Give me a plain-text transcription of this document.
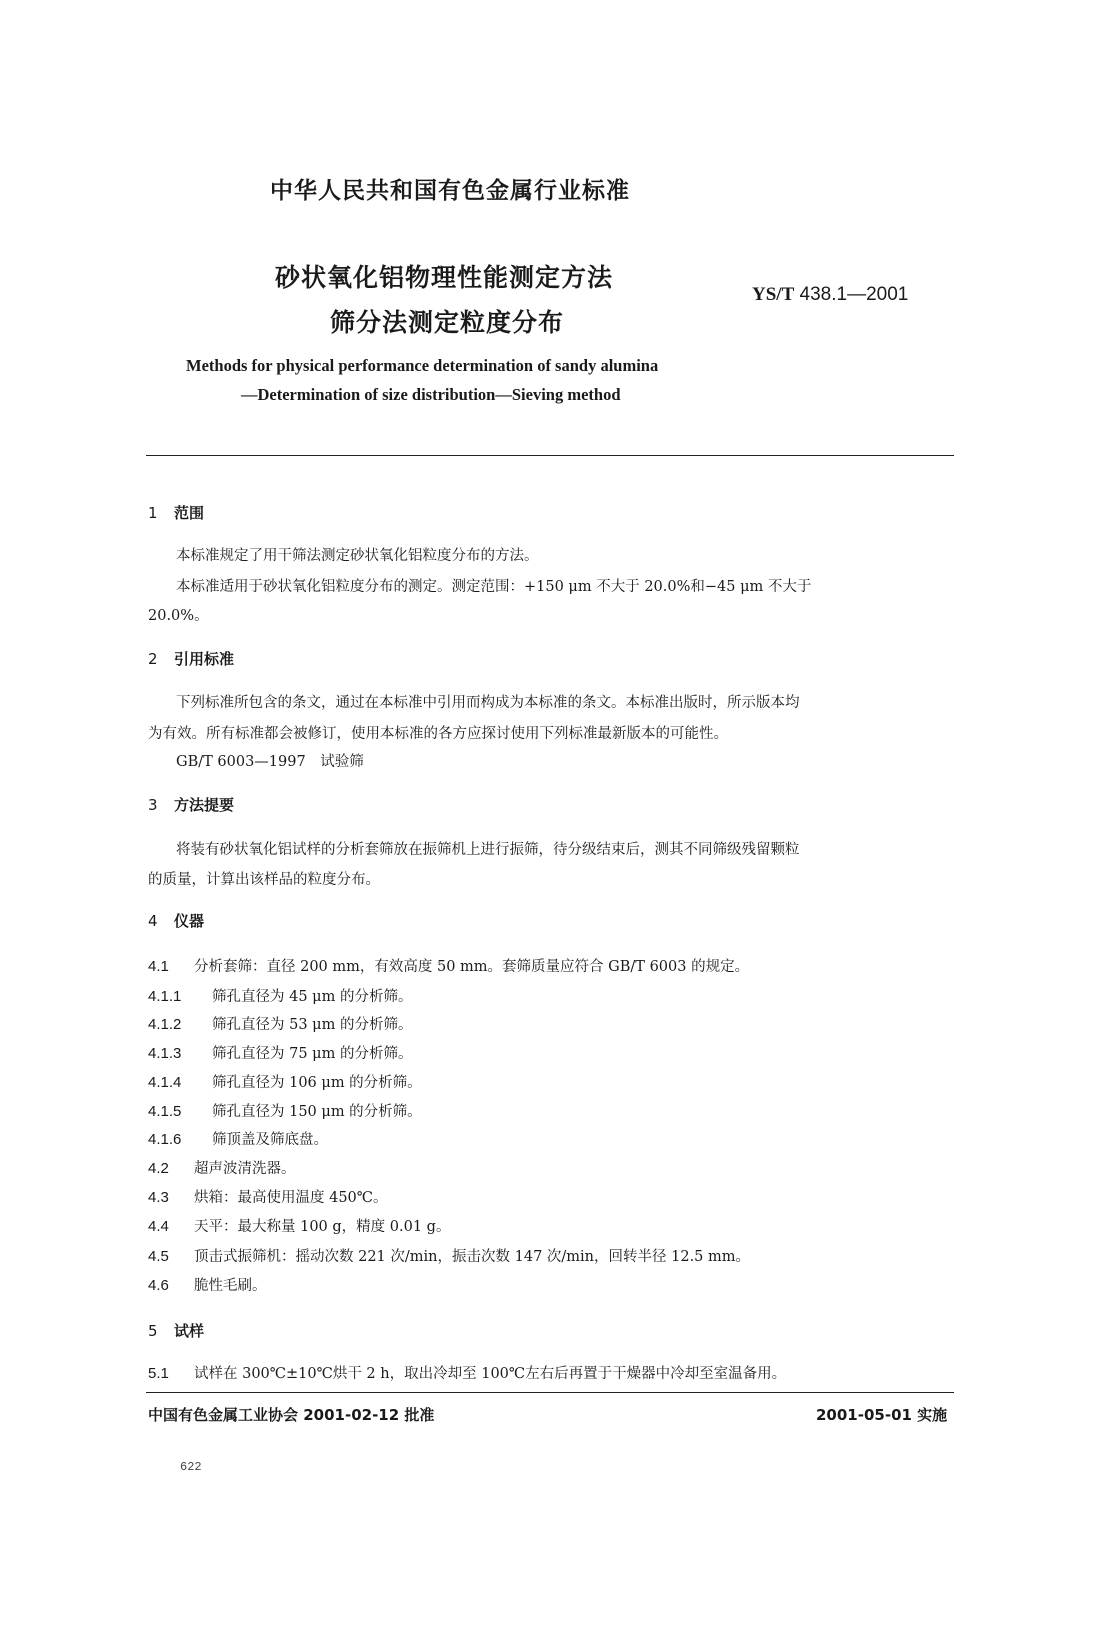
中华人民共和国有色金属行业标准
砂状氧化铝物理性能测定方法
筛分法测定粒度分布
YS/T 438.1—2001
Methods for physical performance determination of sandy alumina
—Determination of size distribution—Sieving method
1 范围
本标准规定了用干筛法测定砂状氧化铝粒度分布的方法。
本标准适用于砂状氧化铝粒度分布的测定。测定范围：+150 μm 不大于 20.0%和−45 μm 不大于
20.0%。
2 引用标准
下列标准所包含的条文，通过在本标准中引用而构成为本标准的条文。本标准出版时，所示版本均
为有效。所有标准都会被修订，使用本标准的各方应探讨使用下列标准最新版本的可能性。
GB/T 6003—1997　试验筛
3 方法提要
将装有砂状氧化铝试样的分析套筛放在振筛机上进行振筛，待分级结束后，测其不同筛级残留颗粒
的质量，计算出该样品的粒度分布。
4 仪器
4.1 分析套筛：直径 200 mm，有效高度 50 mm。套筛质量应符合 GB/T 6003 的规定。
4.1.1 筛孔直径为 45 μm 的分析筛。
4.1.2 筛孔直径为 53 μm 的分析筛。
4.1.3 筛孔直径为 75 μm 的分析筛。
4.1.4 筛孔直径为 106 μm 的分析筛。
4.1.5 筛孔直径为 150 μm 的分析筛。
4.1.6 筛顶盖及筛底盘。
4.2 超声波清洗器。
4.3 烘箱：最高使用温度 450℃。
4.4 天平：最大称量 100 g，精度 0.01 g。
4.5 顶击式振筛机：摇动次数 221 次/min，振击次数 147 次/min，回转半径 12.5 mm。
4.6 脆性毛刷。
5 试样
5.1 试样在 300℃±10℃烘干 2 h，取出冷却至 100℃左右后再置于干燥器中冷却至室温备用。
中国有色金属工业协会 2001-02-12 批准	2001-05-01 实施
622
